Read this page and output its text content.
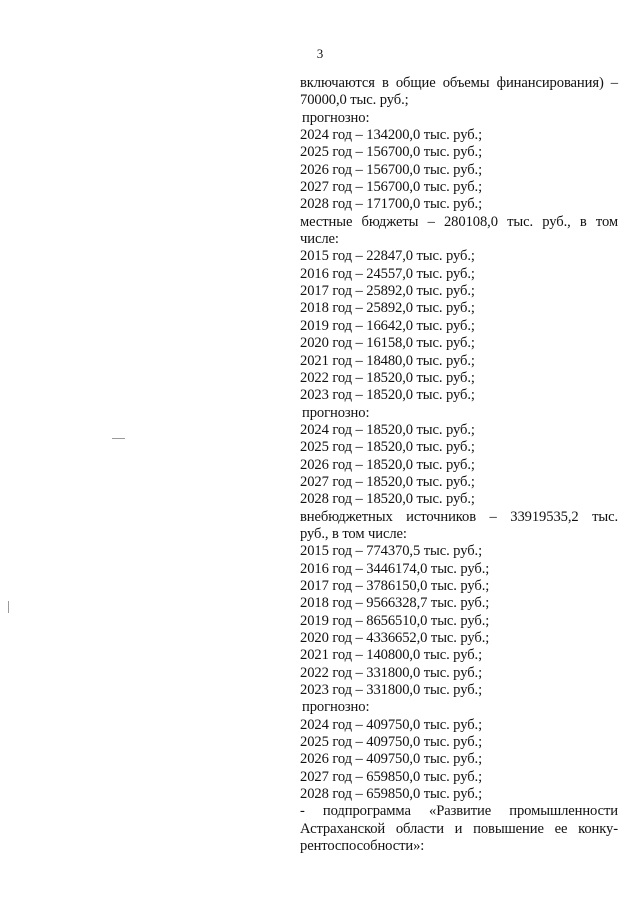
3
включаются в общие объемы финансирования) –
70000,0 тыс. руб.;
прогнозно:
2024 год – 134200,0 тыс. руб.;
2025 год – 156700,0 тыс. руб.;
2026 год – 156700,0 тыс. руб.;
2027 год – 156700,0 тыс. руб.;
2028 год – 171700,0 тыс. руб.;
местные бюджеты – 280108,0 тыс. руб., в том
числе:
2015 год – 22847,0 тыс. руб.;
2016 год – 24557,0 тыс. руб.;
2017 год – 25892,0 тыс. руб.;
2018 год – 25892,0 тыс. руб.;
2019 год – 16642,0 тыс. руб.;
2020 год – 16158,0 тыс. руб.;
2021 год – 18480,0 тыс. руб.;
2022 год – 18520,0 тыс. руб.;
2023 год – 18520,0 тыс. руб.;
прогнозно:
2024 год – 18520,0 тыс. руб.;
2025 год – 18520,0 тыс. руб.;
2026 год – 18520,0 тыс. руб.;
2027 год – 18520,0 тыс. руб.;
2028 год – 18520,0 тыс. руб.;
внебюджетных источников – 33919535,2 тыс.
руб., в том числе:
2015 год – 774370,5 тыс. руб.;
2016 год – 3446174,0 тыс. руб.;
2017 год – 3786150,0 тыс. руб.;
2018 год – 9566328,7 тыс. руб.;
2019 год – 8656510,0 тыс. руб.;
2020 год – 4336652,0 тыс. руб.;
2021 год – 140800,0 тыс. руб.;
2022 год – 331800,0 тыс. руб.;
2023 год – 331800,0 тыс. руб.;
прогнозно:
2024 год – 409750,0 тыс. руб.;
2025 год – 409750,0 тыс. руб.;
2026 год – 409750,0 тыс. руб.;
2027 год – 659850,0 тыс. руб.;
2028 год – 659850,0 тыс. руб.;
- подпрограмма «Развитие промышленности
Астраханской области и повышение ее конку-
рентоспособности»:
